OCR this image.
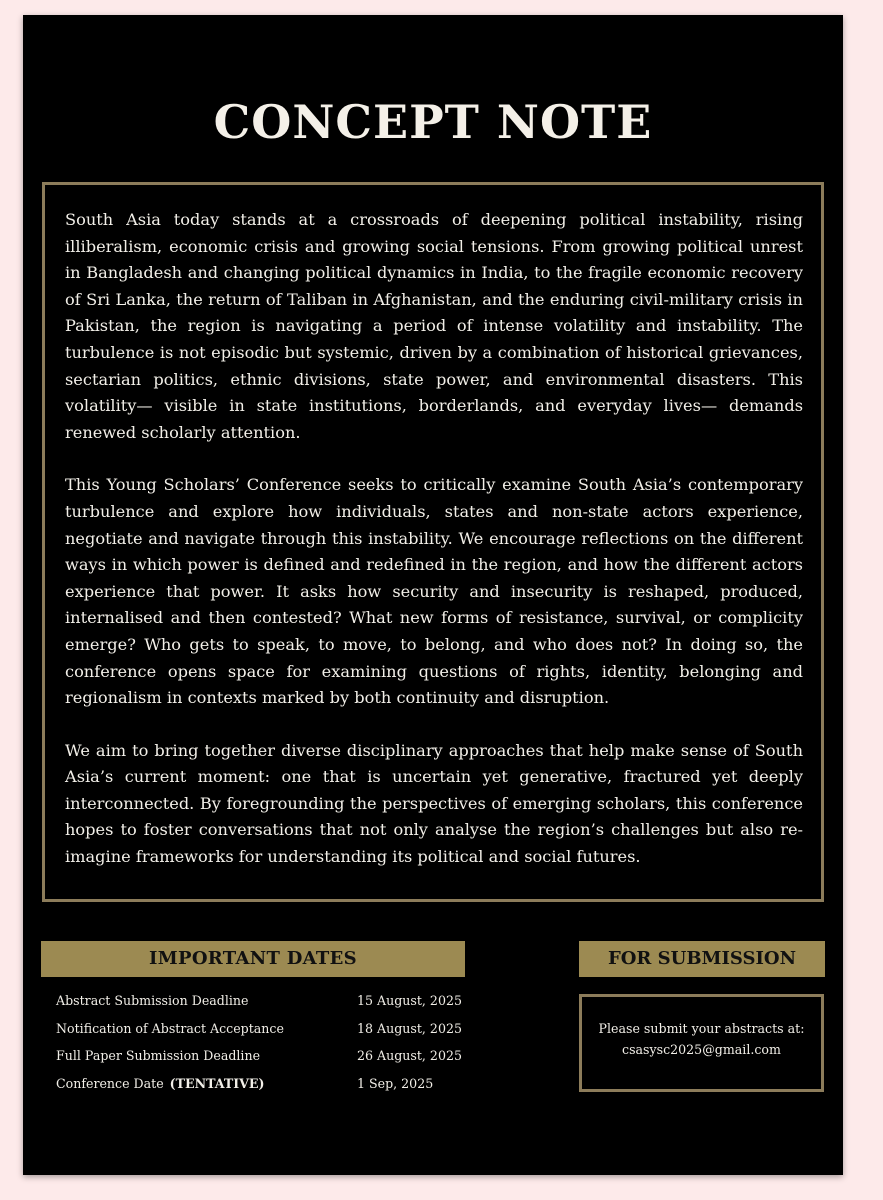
CONCEPT NOTE

South Asia today stands at a crossroads of deepening political instability, rising illiberalism, economic crisis and growing social tensions. From growing political unrest in Bangladesh and changing political dynamics in India, to the fragile economic recovery of Sri Lanka, the return of Taliban in Afghanistan, and the enduring civil-military crisis in Pakistan, the region is navigating a period of intense volatility and instability. The turbulence is not episodic but systemic, driven by a combination of historical grievances, sectarian politics, ethnic divisions, state power, and environmental disasters. This volatility— visible in state institutions, borderlands, and everyday lives— demands renewed scholarly attention.

This Young Scholars’ Conference seeks to critically examine South Asia’s contemporary turbulence and explore how individuals, states and non-state actors experience, negotiate and navigate through this instability. We encourage reflections on the different ways in which power is defined and redefined in the region, and how the different actors experience that power. It asks how security and insecurity is reshaped, produced, internalised and then contested? What new forms of resistance, survival, or complicity emerge? Who gets to speak, to move, to belong, and who does not? In doing so, the conference opens space for examining questions of rights, identity, belonging and regionalism in contexts marked by both continuity and disruption.

We aim to bring together diverse disciplinary approaches that help make sense of South Asia’s current moment: one that is uncertain yet generative, fractured yet deeply interconnected. By foregrounding the perspectives of emerging scholars, this conference hopes to foster conversations that not only analyse the region’s challenges but also re-imagine frameworks for understanding its political and social futures.

IMPORTANT DATES
Abstract Submission Deadline	15 August, 2025
Notification of Abstract Acceptance	18 August, 2025
Full Paper Submission Deadline	26 August, 2025
Conference Date (TENTATIVE)	1 Sep, 2025
FOR SUBMISSION
Please submit your abstracts at:
csasysc2025@gmail.com
